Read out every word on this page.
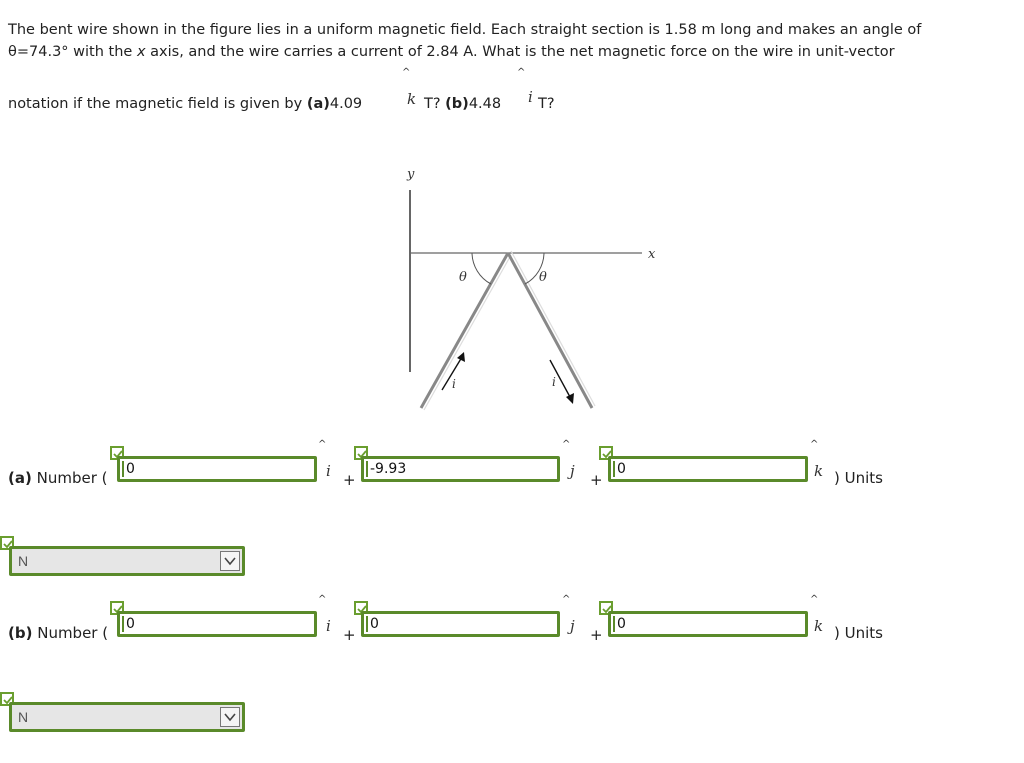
The bent wire shown in the figure lies in a uniform magnetic field. Each straight section is 1.58 m long and makes an angle of
θ=74.3° with the x axis, and the wire carries a current of 2.84 A. What is the net magnetic force on the wire in unit-vector
notation if the magnetic field is given by (a)4.09
^
k T? (b)4.48
^
i T?
y
x
θ	θ
i	i
(a) Number ( 0
^
i +
-9.93
^
j +
0
^
k ) Units
N
(b) Number ( 0
^
i +
0
^
j +
0
^
k ) Units
N
